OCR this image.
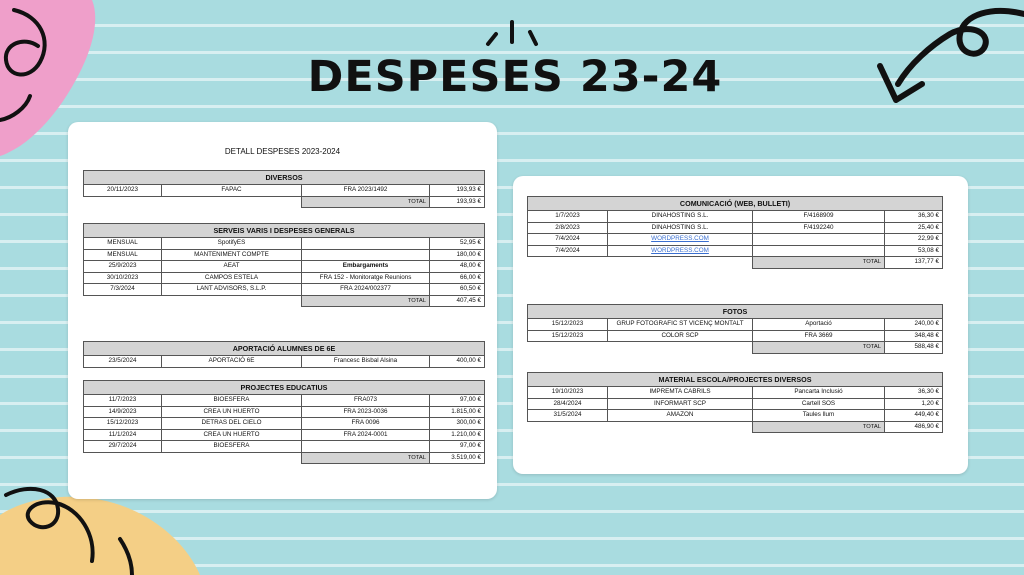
DESPESES 23-24
DETALL DESPESES 2023-2024
DIVERSOS			
20/11/2023	FAPAC	FRA 2023/1492	193,93 €
		TOTAL	193,93 €
SERVEIS VARIS I DESPESES GENERALS			
MENSUAL	SpotifyES		52,95 €
MENSUAL	MANTENIMENT COMPTE		180,00 €
25/9/2023	AEAT	Embargaments	48,00 €
30/10/2023	CAMPOS ESTELA	FRA 152 - Monitoratge Reunions	66,00 €
7/3/2024	LANT ADVISORS, S.L.P.	FRA 2024/002377	60,50 €
		TOTAL	407,45 €
APORTACIÓ ALUMNES DE 6E
23/5/2024	APORTACIÓ 6E	Francesc Bisbal Alsina	400,00 €
PROJECTES EDUCATIUS			
11/7/2023	BIOESFERA	FRA073	97,00 €
14/9/2023	CREA UN HUERTO	FRA 2023-0036	1.815,00 €
15/12/2023	DETRAS DEL CIELO	FRA 0096	300,00 €
11/1/2024	CREA UN HUERTO	FRA 2024-0001	1.210,00 €
29/7/2024	BIOESFERA		97,00 €
		TOTAL	3.519,00 €
COMUNICACIÓ (WEB, BULLETI)			
1/7/2023	DINAHOSTING S.L.	F/4168909	36,30 €
2/8/2023	DINAHOSTING S.L.	F/4192240	25,40 €
7/4/2024	WORDPRESS.COM		22,99 €
7/4/2024	WORDPRESS.COM		53,08 €
		TOTAL	137,77 €
FOTOS			
15/12/2023	GRUP FOTOGRAFIC ST VICENÇ MONTALT	Aportació	240,00 €
15/12/2023	COLOR SCP	FRA 3669	348,48 €
		TOTAL	588,48 €
MATERIAL ESCOLA/PROJECTES DIVERSOS			
19/10/2023	IMPREMTA CABRILS	Pancarta Inclusió	36,30 €
28/4/2024	INFORMART SCP	Cartell SOS	1,20 €
31/5/2024	AMAZON	Taules llum	449,40 €
		TOTAL	486,90 €
